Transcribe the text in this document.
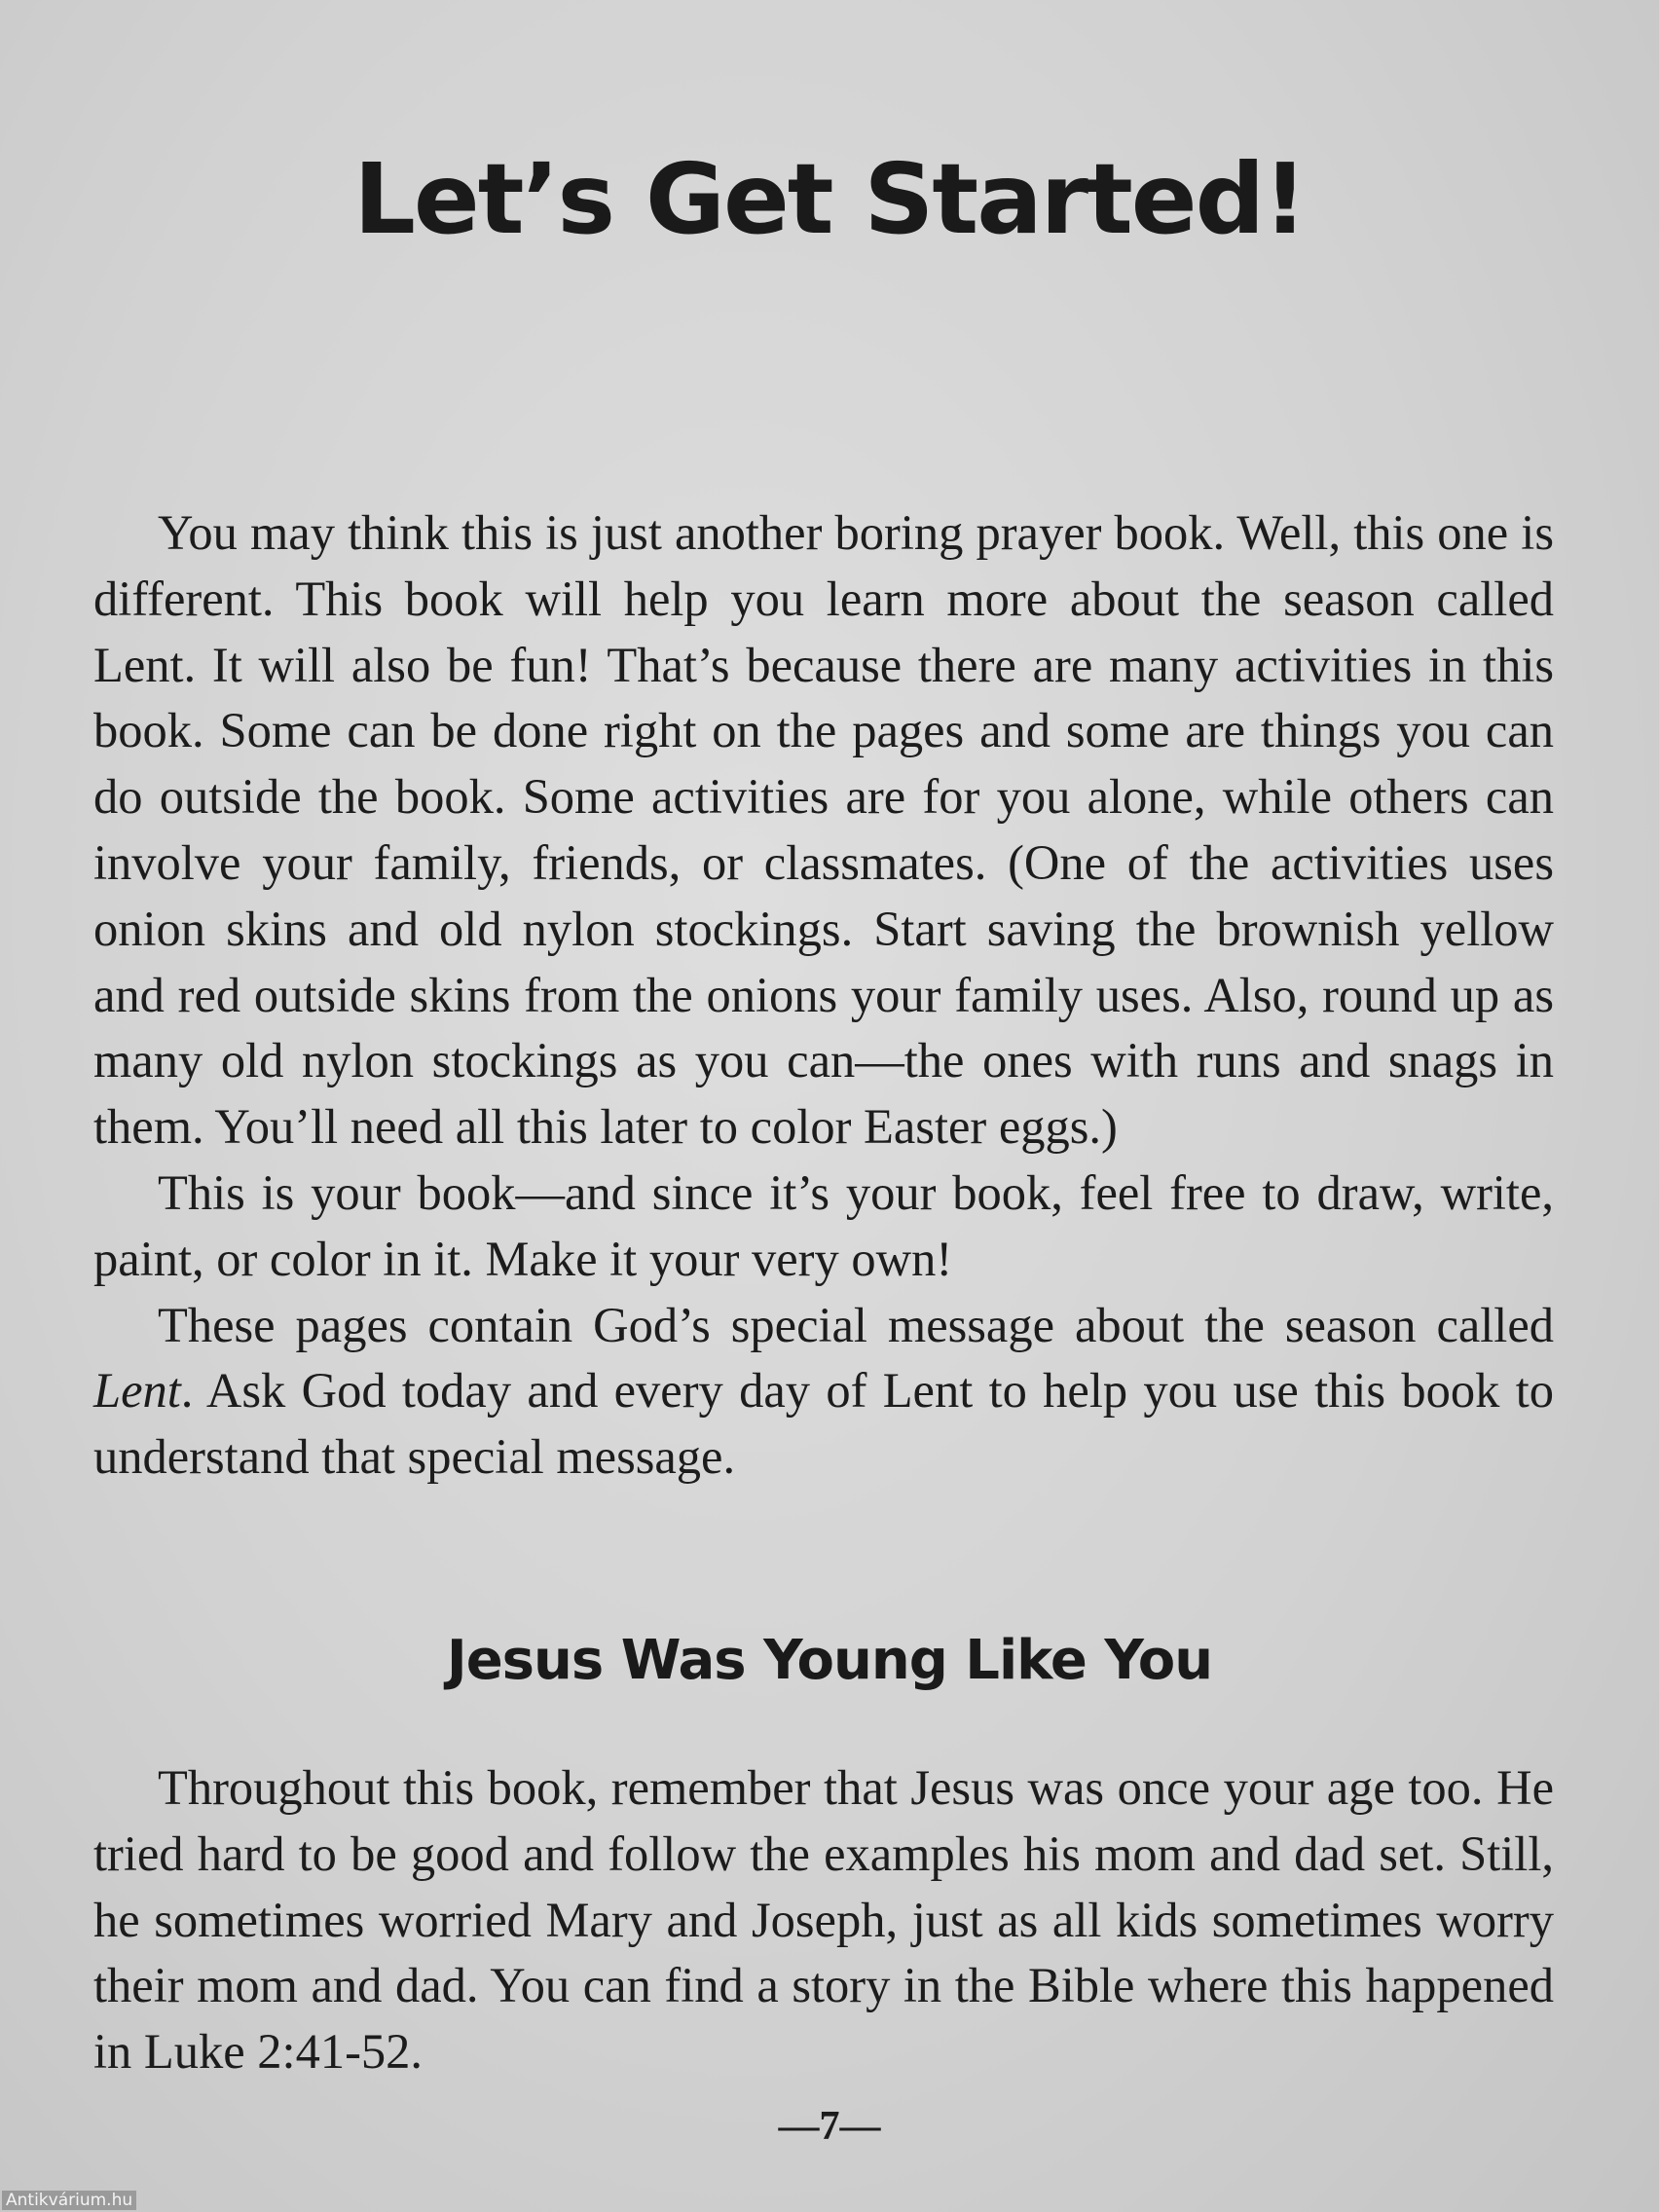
Let’s Get Started!

You may think this is just another boring prayer book. Well, this one is different. This book will help you learn more about the season called Lent. It will also be fun! That’s because there are many activities in this book. Some can be done right on the pages and some are things you can do outside the book. Some activities are for you alone, while others can involve your family, friends, or classmates. (One of the activities uses onion skins and old nylon stockings. Start saving the brownish yellow and red outside skins from the onions your family uses. Also, round up as many old nylon stockings as you can—the ones with runs and snags in them. You’ll need all this later to color Easter eggs.)

This is your book—and since it’s your book, feel free to draw, write, paint, or color in it. Make it your very own!

These pages contain God’s special message about the season called Lent. Ask God today and every day of Lent to help you use this book to understand that special message.

Jesus Was Young Like You

Throughout this book, remember that Jesus was once your age too. He tried hard to be good and follow the examples his mom and dad set. Still, he sometimes worried Mary and Joseph, just as all kids sometimes worry their mom and dad. You can find a story in the Bible where this happened in Luke 2:41-52.

—7—
Antikvárium.hu
